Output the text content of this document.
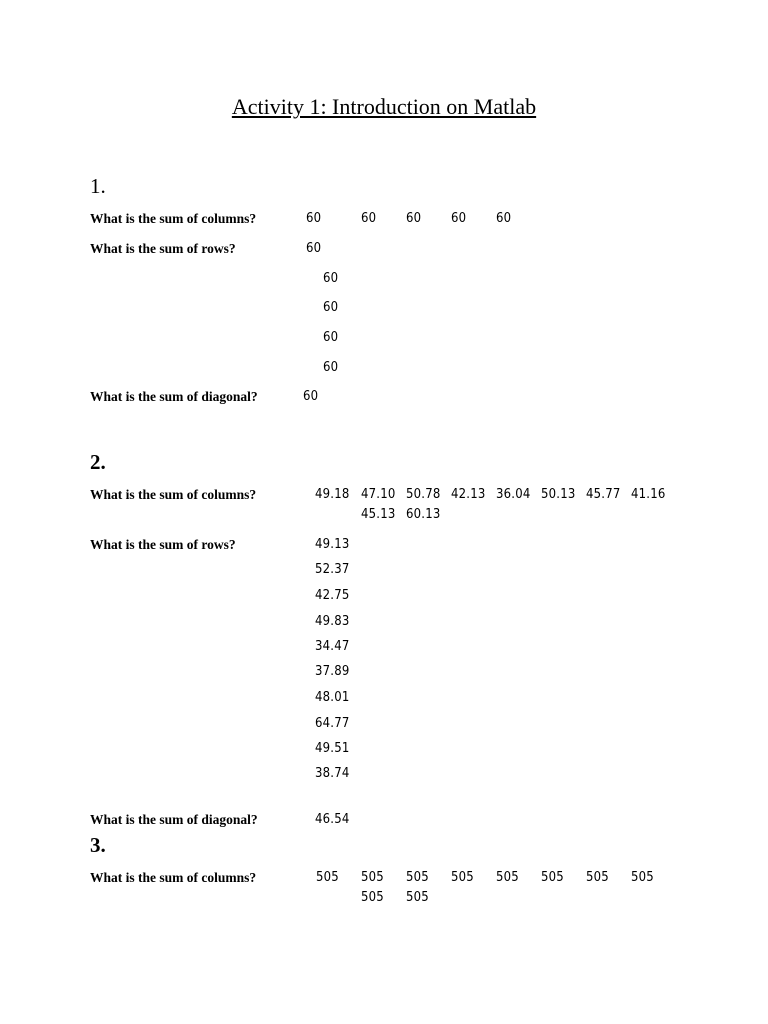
Activity 1: Introduction on Matlab
1.
What is the sum of columns?	60	60 60 60 60
What is the sum of rows?	60
60
60
60
60
What is the sum of diagonal?	60
2.
What is the sum of columns?	49.18 47.10 50.78 42.13 36.04 50.13 45.77 41.16
45.13 60.13
What is the sum of rows?	49.13
52.37
42.75
49.83
34.47
37.89
48.01
64.77
49.51
38.74
What is the sum of diagonal?	46.54
3.
What is the sum of columns?	505 505 505 505 505 505 505 505
505 505
